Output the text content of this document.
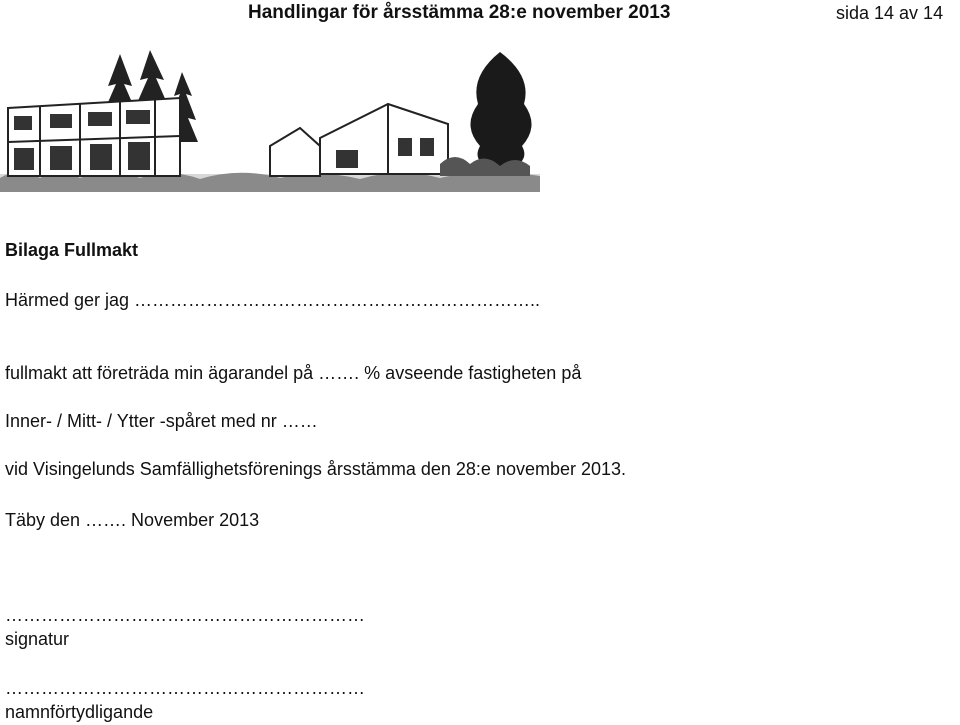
Handlingar för årsstämma 28:e november 2013	sida 14 av 14
Bilaga Fullmakt
Härmed ger jag …………………………………………………………..
fullmakt att företräda min ägarandel på ……. % avseende fastigheten på
Inner- / Mitt- / Ytter -spåret med nr ……
vid Visingelunds Samfällighetsförenings årsstämma den 28:e november 2013.
Täby den ……. November 2013
……………………………………………………
signatur
……………………………………………………
namnförtydligande
